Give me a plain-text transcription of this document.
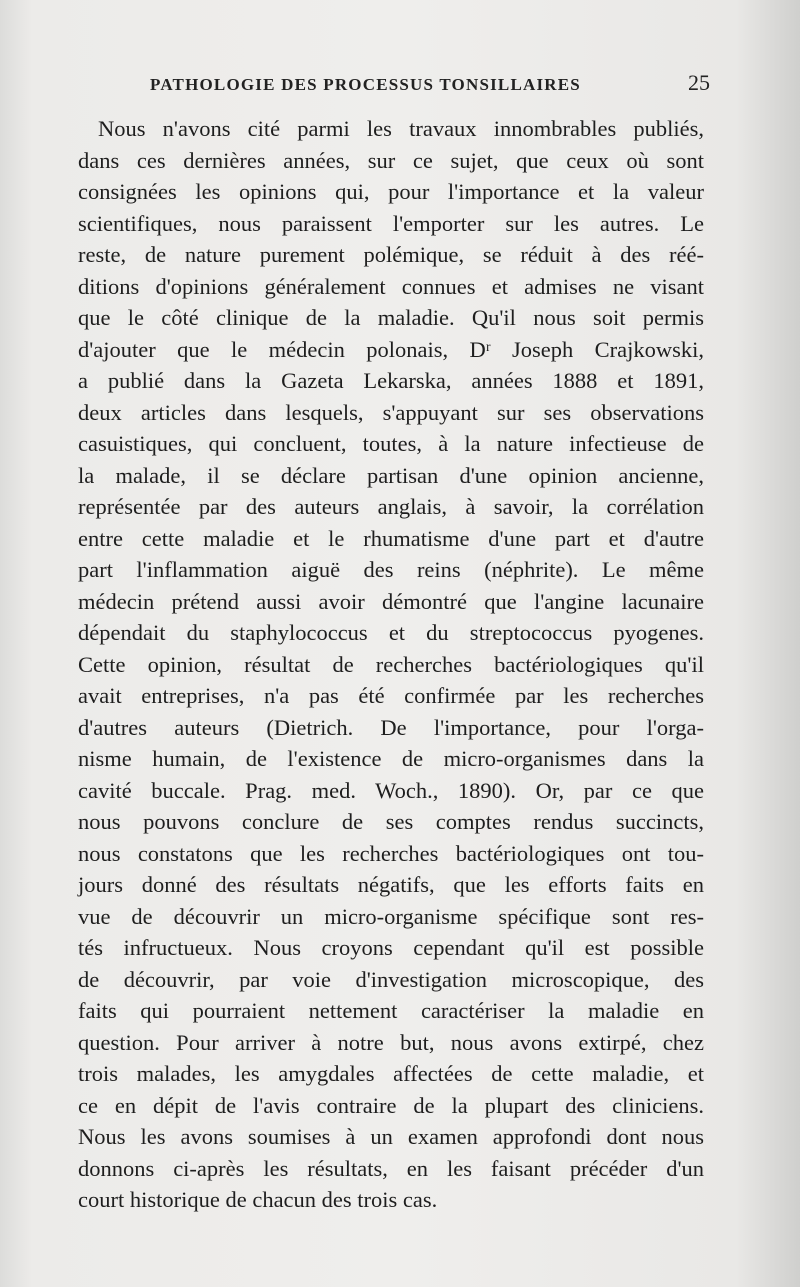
PATHOLOGIE DES PROCESSUS TONSILLAIRES	25
Nous n'avons cité parmi les travaux innombrables publiés,
dans ces dernières années, sur ce sujet, que ceux où sont
consignées les opinions qui, pour l'importance et la valeur
scientifiques, nous paraissent l'emporter sur les autres. Le
reste, de nature purement polémique, se réduit à des réé-
ditions d'opinions généralement connues et admises ne visant
que le côté clinique de la maladie. Qu'il nous soit permis
d'ajouter que le médecin polonais, Dʳ Joseph Crajkowski,
a publié dans la Gazeta Lekarska, années 1888 et 1891,
deux articles dans lesquels, s'appuyant sur ses observations
casuistiques, qui concluent, toutes, à la nature infectieuse de
la malade, il se déclare partisan d'une opinion ancienne,
représentée par des auteurs anglais, à savoir, la corrélation
entre cette maladie et le rhumatisme d'une part et d'autre
part l'inflammation aiguë des reins (néphrite). Le même
médecin prétend aussi avoir démontré que l'angine lacunaire
dépendait du staphylococcus et du streptococcus pyogenes.
Cette opinion, résultat de recherches bactériologiques qu'il
avait entreprises, n'a pas été confirmée par les recherches
d'autres auteurs (Dietrich. De l'importance, pour l'orga-
nisme humain, de l'existence de micro-organismes dans la
cavité buccale. Prag. med. Woch., 1890). Or, par ce que
nous pouvons conclure de ses comptes rendus succincts,
nous constatons que les recherches bactériologiques ont tou-
jours donné des résultats négatifs, que les efforts faits en
vue de découvrir un micro-organisme spécifique sont res-
tés infructueux. Nous croyons cependant qu'il est possible
de découvrir, par voie d'investigation microscopique, des
faits qui pourraient nettement caractériser la maladie en
question. Pour arriver à notre but, nous avons extirpé, chez
trois malades, les amygdales affectées de cette maladie, et
ce en dépit de l'avis contraire de la plupart des cliniciens.
Nous les avons soumises à un examen approfondi dont nous
donnons ci-après les résultats, en les faisant précéder d'un
court historique de chacun des trois cas.
